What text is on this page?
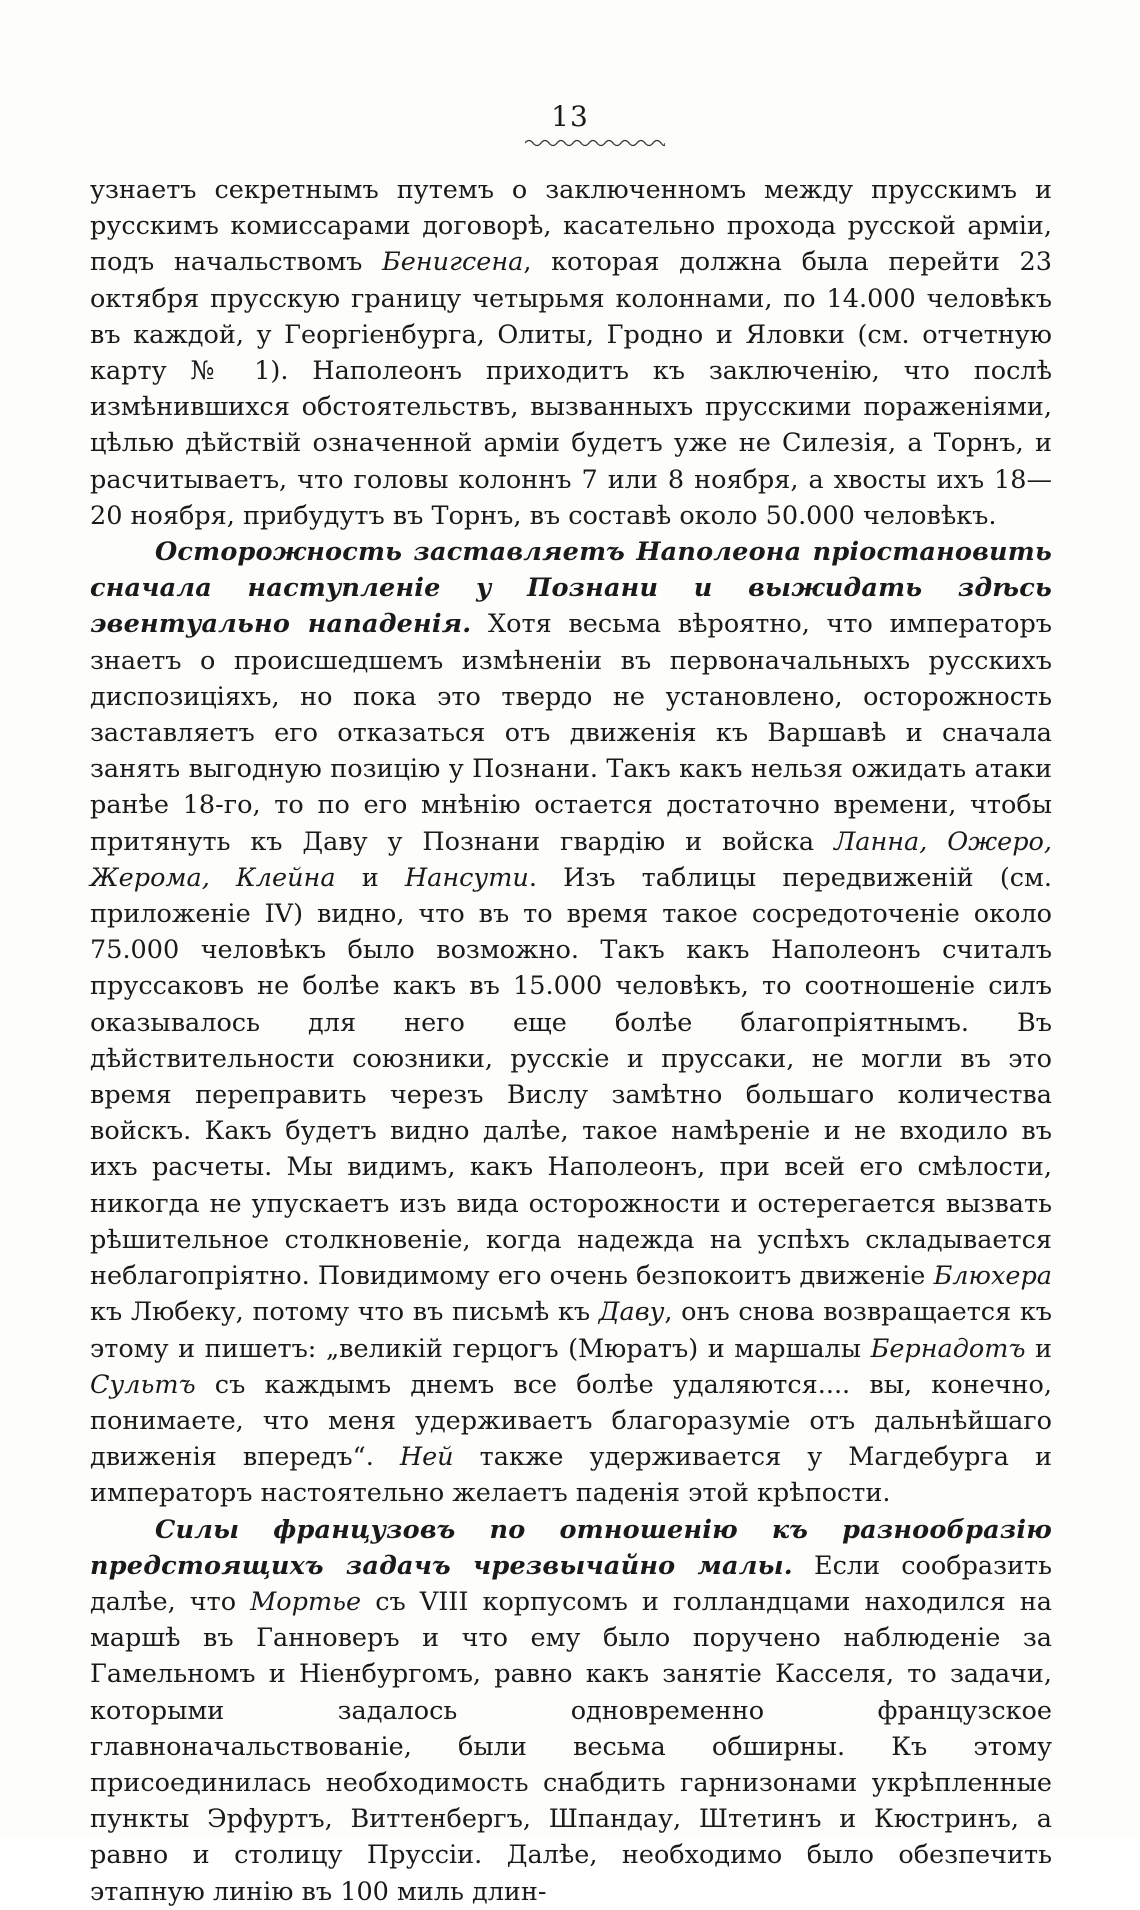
13

узнаетъ секретнымъ путемъ о заключенномъ между прусскимъ и русскимъ комиссарами договорѣ, касательно прохода русской арміи, подъ начальствомъ Бенигсена, которая должна была перейти 23 октября прусскую границу четырьмя колоннами, по 14.000 человѣкъ въ каждой, у Георгіенбурга, Олиты, Гродно и Яловки (см. отчетную карту № 1). Наполеонъ приходитъ къ заключенію, что послѣ измѣнившихся обстоятельствъ, вызванныхъ прусскими пораженіями, цѣлью дѣйствій означенной арміи будетъ уже не Силезія, а Торнъ, и расчитываетъ, что головы колоннъ 7 или 8 ноября, а хвосты ихъ 18—20 ноября, прибудутъ въ Торнъ, въ составѣ около 50.000 человѣкъ.

Осторожность заставляетъ Наполеона пріостановить сначала наступленіе у Познани и выжидать здѣсь эвентуально нападенія. Хотя весьма вѣроятно, что императоръ знаетъ о происшедшемъ измѣненіи въ первоначальныхъ русскихъ диспозиціяхъ, но пока это твердо не установлено, осторожность заставляетъ его отказаться отъ движенія къ Варшавѣ и сначала занять выгодную позицію у Познани. Такъ какъ нельзя ожидать атаки ранѣе 18-го, то по его мнѣнію остается достаточно времени, чтобы притянуть къ Даву у Познани гвардію и войска Ланна, Ожеро, Жерома, Клейна и Нансути. Изъ таблицы передвиженій (см. приложеніе IV) видно, что въ то время такое сосредоточеніе около 75.000 человѣкъ было возможно. Такъ какъ Наполеонъ считалъ пруссаковъ не болѣе какъ въ 15.000 человѣкъ, то соотношеніе силъ оказывалось для него еще болѣе благопріятнымъ. Въ дѣйствительности союзники, русскіе и пруссаки, не могли въ это время переправить черезъ Вислу замѣтно большаго количества войскъ. Какъ будетъ видно далѣе, такое намѣреніе и не входило въ ихъ расчеты. Мы видимъ, какъ Наполеонъ, при всей его смѣлости, никогда не упускаетъ изъ вида осторожности и остерегается вызвать рѣшительное столкновеніе, когда надежда на успѣхъ складывается неблагопріятно. Повидимому его очень безпокоитъ движеніе Блюхера къ Любеку, потому что въ письмѣ къ Даву, онъ снова возвращается къ этому и пишетъ: „великій герцогъ (Мюратъ) и маршалы Бернадотъ и Сультъ съ каждымъ днемъ все болѣе удаляются.... вы, конечно, понимаете, что меня удерживаетъ благоразуміе отъ дальнѣйшаго движенія впередъ“. Ней также удерживается у Магдебурга и императоръ настоятельно желаетъ паденія этой крѣпости.

Силы французовъ по отношенію къ разнообразію предстоящихъ задачъ чрезвычайно малы. Если сообразить далѣе, что Мортье съ VIII корпусомъ и голландцами находился на маршѣ въ Ганноверъ и что ему было поручено наблюденіе за Гамельномъ и Ніенбургомъ, равно какъ занятіе Касселя, то задачи, которыми задалось одновременно французское главноначальствованіе, были весьма обширны. Къ этому присоединилась необходимость снабдить гарнизонами укрѣпленные пункты Эрфуртъ, Виттенбергъ, Шпандау, Штетинъ и Кюстринъ, а равно и столицу Пруссіи. Далѣе, необходимо было обезпечить этапную линію въ 100 миль длин-
